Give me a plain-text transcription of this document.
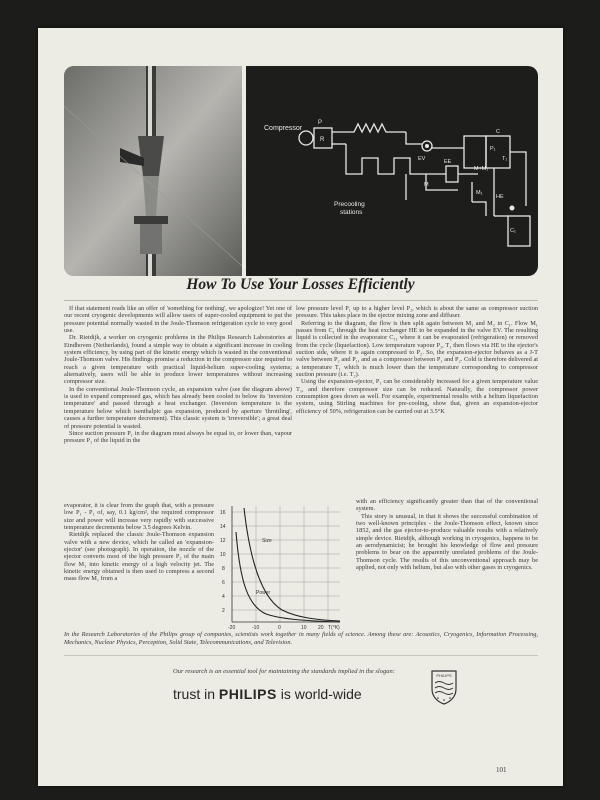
Compressor
P
R
Precooling
stations
EV	EE
M
M₁
M+M₁
HE
C
P₁
T₁
C₁
How To Use Your Losses Efficiently

If that statement reads like an offer of 'something for nothing', we apologize! Yet one of our recent cryogenic developments will allow users of super-cooled equipment to put the pressure potential normally wasted in the Joule-Thomson refrigeration cycle to very good use.

Dr. Rietdijk, a worker on cryogenic problems in the Philips Research Laboratories at Eindhoven (Netherlands), found a simple way to obtain a significant increase in cooling system efficiency, by using part of the kinetic energy which is wasted in the conventional Joule-Thomson valve. His findings promise a reduction in the compressor size required to reach a given temperature with practical liquid-helium super-cooling systems; alternatively, users will be able to produce lower temperatures without increasing compressor size.

In the conventional Joule-Thomson cycle, an expansion valve (see the diagram above) is used to expand compressed gas, which has already been cooled to below its 'inversion temperature' and passed through a heat exchanger. (Inversion temperature is the temperature below which isenthalpic gas expansion, produced by aperture 'throttling', causes a further temperature decrement). This classic system is 'irreversible'; a great deal of pressure potential is wasted.

Since suction pressure P₁ in the diagram must always be equal to, or lower than, vapour pressure P₁ of the liquid in the

evaporator, it is clear from the graph that, with a pressure low P₁ - P₁ of, say, 0.1 kg/cm², the required compressor size and power will increase very rapidly with successive temperature decrements below 3.5 degrees Kelvin.

Rietdijk replaced the classic Joule-Thomson expansion valve with a new device, which he called an 'expansion-ejector' (see photograph). In operation, the nozzle of the ejector converts most of the high pressure P₂ of the main flow M₁ into kinetic energy of a high velocity jet. The kinetic energy obtained is then used to compress a second mass flow M₁ from a

16
14
12
10
8
6
4
2
-20	-10	0	10 20 T(°K)
Size
Power

low pressure level P₁ up to a higher level P₂, which is about the same as compressor suction pressure. This takes place in the ejector mixing zone and diffuser.

Referring to the diagram, the flow is then split again between M₁ and M₂ in C₁. Flow M₁ passes from C₁ through the heat exchanger HE to be expanded in the valve EV. The resulting liquid is collected in the evaporator C₁₁ where it can be evaporated (refrigeration) or removed from the cycle (liquefaction). Low temperature vapour P₂, T₁ then flows via HE to the ejector's suction side, where it is again compressed to P₂. So, the expansion-ejector behaves as a J-T valve between P₂ and P₁, and as a compressor between P₁ and P₂. Cold is therefore delivered at a temperature T₁ which is much lower than the temperature corresponding to compressor suction pressure (i.e. T₂).

Using the expansion-ejector, P₁ can be considerably increased for a given temperature value T₁, and therefore compressor size can be reduced. Naturally, the compressor power consumption goes down as well. For example, experimental results with a helium liquefaction system, using Stirling machines for pre-cooling, show that, given an expansion-ejector efficiency of 50%, refrigeration can be carried out at 3.5°K

with an efficiency significantly greater than that of the conventional system.

This story is unusual, in that it shows the successful combination of two well-known principles - the Joule-Thomson effect, known since 1852, and the gas ejector-to-produce valuable results with a relatively simple device. Rietdijk, although working in cryogenics, happens to be an aerodynamicist; he brought his knowledge of flow and pressure problems to bear on the apparently unrelated problems of the Joule-Thomson cycle. The results of this unconventional approach may be applied, not only with helium, but also with other gases in cryogenics.

In the Research Laboratories of the Philips group of companies, scientists work together in many fields of science. Among these are: Acoustics, Cryogenics, Information Processing, Mechanics, Nuclear Physics, Perception, Solid State, Telecommunications, and Television.
Our research is an essential tool for maintaining the standards implied in the slogan:
trust in PHILIPS is world-wide
PHILIPS
101
